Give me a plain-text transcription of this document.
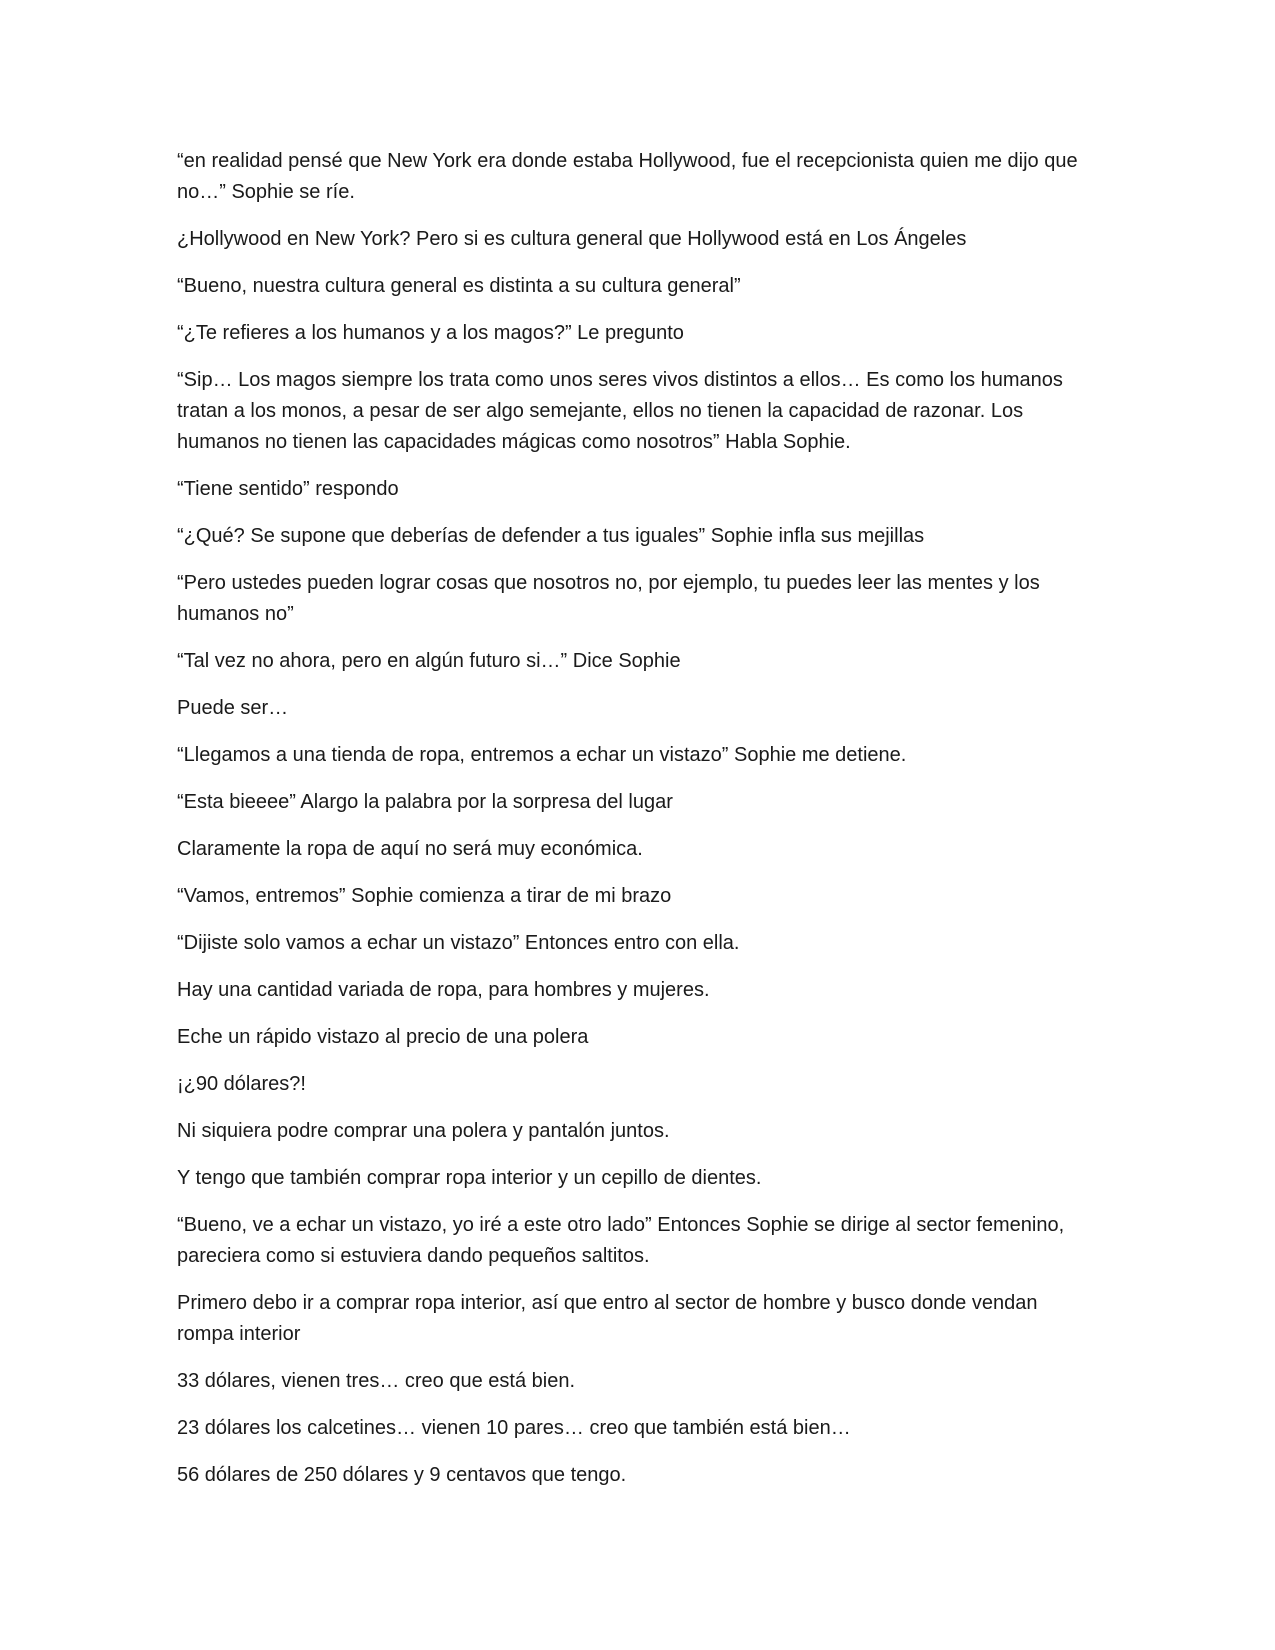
“en realidad pensé que New York era donde estaba Hollywood, fue el recepcionista quien me dijo que no…” Sophie se ríe.

¿Hollywood en New York? Pero si es cultura general que Hollywood está en Los Ángeles

“Bueno, nuestra cultura general es distinta a su cultura general”

“¿Te refieres a los humanos y a los magos?” Le pregunto

“Sip… Los magos siempre los trata como unos seres vivos distintos a ellos… Es como los humanos tratan a los monos, a pesar de ser algo semejante, ellos no tienen la capacidad de razonar. Los humanos no tienen las capacidades mágicas como nosotros” Habla Sophie.

“Tiene sentido” respondo

“¿Qué? Se supone que deberías de defender a tus iguales” Sophie infla sus mejillas

“Pero ustedes pueden lograr cosas que nosotros no, por ejemplo, tu puedes leer las mentes y los humanos no”

“Tal vez no ahora, pero en algún futuro si…” Dice Sophie

Puede ser…

“Llegamos a una tienda de ropa, entremos a echar un vistazo” Sophie me detiene.

“Esta bieeee” Alargo la palabra por la sorpresa del lugar

Claramente la ropa de aquí no será muy económica.

“Vamos, entremos” Sophie comienza a tirar de mi brazo

“Dijiste solo vamos a echar un vistazo” Entonces entro con ella.

Hay una cantidad variada de ropa, para hombres y mujeres.

Eche un rápido vistazo al precio de una polera

¡¿90 dólares?!

Ni siquiera podre comprar una polera y pantalón juntos.

Y tengo que también comprar ropa interior y un cepillo de dientes.

“Bueno, ve a echar un vistazo, yo iré a este otro lado” Entonces Sophie se dirige al sector femenino, pareciera como si estuviera dando pequeños saltitos.

Primero debo ir a comprar ropa interior, así que entro al sector de hombre y busco donde vendan rompa interior

33 dólares, vienen tres… creo que está bien.

23 dólares los calcetines… vienen 10 pares… creo que también está bien…

56 dólares de 250 dólares y 9 centavos que tengo.
